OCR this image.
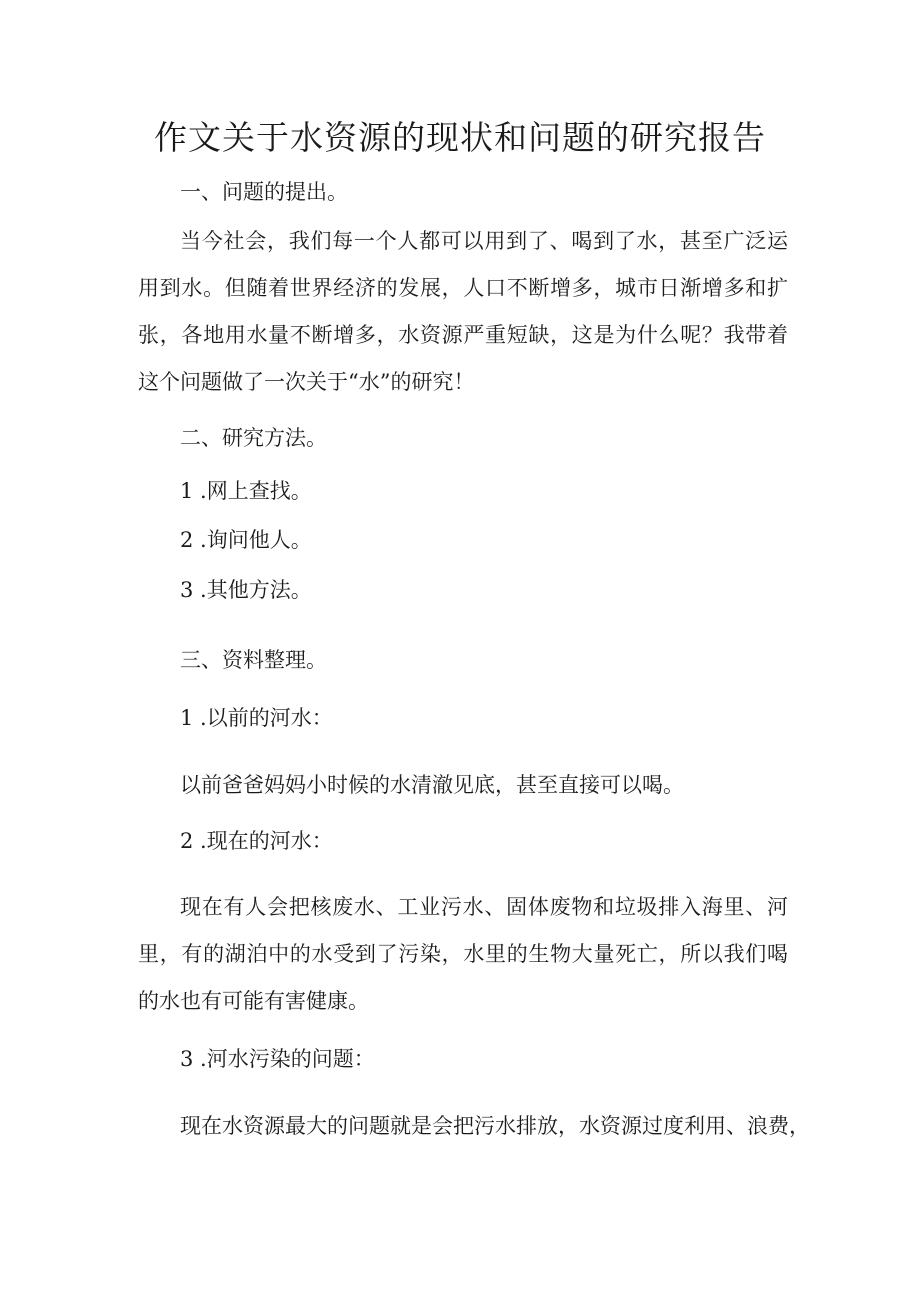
作文关于水资源的现状和问题的研究报告

一、问题的提出。

当今社会，我们每一个人都可以用到了、喝到了水，甚至广泛运用到水。但随着世界经济的发展，人口不断增多，城市日渐增多和扩张，各地用水量不断增多，水资源严重短缺，这是为什么呢？我带着这个问题做了一次关于“水”的研究！

二、研究方法。

1 .网上查找。

2 .询问他人。

3 .其他方法。

三、资料整理。

1 .以前的河水：

以前爸爸妈妈小时候的水清澈见底，甚至直接可以喝。

2 .现在的河水：

现在有人会把核废水、工业污水、固体废物和垃圾排入海里、河里，有的湖泊中的水受到了污染，水里的生物大量死亡，所以我们喝的水也有可能有害健康。

3 .河水污染的问题：

现在水资源最大的问题就是会把污水排放，水资源过度利用、浪费，
